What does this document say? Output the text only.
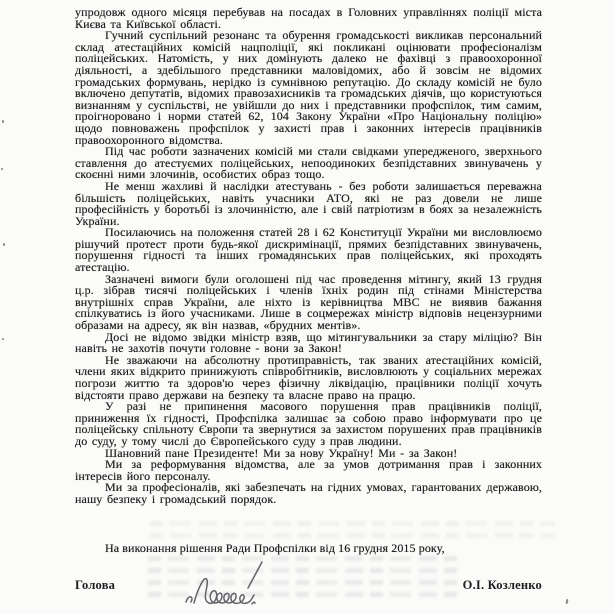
упродовж одного місяця перебував на посадах в Головних управліннях поліції міста Києва та Київської області.

Гучний суспільний резонанс та обурення громадськості викликав персональний склад атестаційних комісій нацполіції, які покликані оцінювати професіоналізм поліцейських. Натомість, у них домінують далеко не фахівці з правоохоронної діяльності, а здебільшого представники маловідомих, або й зовсім не відомих громадських формувань, нерідко із сумнівною репутацію. До складу комісій не було включено депутатів, відомих правозахисників та громадських діячів, що користуються визнанням у суспільстві, не увійшли до них і представники профспілок, тим самим, проігноровано і норми статей 62, 104 Закону України «Про Національну поліцію» щодо повноважень профспілок у захисті прав і законних інтересів працівників правоохоронного відомства.

Під час роботи зазначених комісій ми стали свідками упередженого, зверхнього ставлення до атестуємих поліцейських, непоодиноких безпідставних звинувачень у скоєнні ними злочинів, особистих образ тощо.

Не менш жахливі й наслідки атестувань - без роботи залишається переважна більшість поліцейських, навіть учасники АТО, які не раз довели не лише професійність у боротьбі із злочинністю, але і свій патріотизм в боях за незалежність України.

Посилаючись на положення статей 28 і 62 Конституції України ми висловлюємо рішучий протест проти будь-якої дискримінації, прямих безпідставних звинувачень, порушення гідності та інших громадянських прав поліцейських, які проходять атестацію.

Зазначені вимоги були оголошені під час проведення мітингу, який 13 грудня ц.р. зібрав тисячі поліцейських і членів їхніх родин під стінами Міністерства внутрішніх справ України, але ніхто із керівництва МВС не виявив бажання спілкуватись із його учасниками. Лише в соцмережах міністр відповів нецензурними образами на адресу, як він назвав, «брудних ментів».

Досі не відомо звідки міністр взяв, що мітингувальники за стару міліцію? Він навіть не захотів почути головне - вони за Закон!

Не зважаючи на абсолютну протиправність, так званих атестаційних комісій, члени яких відкрито принижують співробітників, висловлюють у соціальних мережах погрози життю та здоров'ю через фізичну ліквідацію, працівники поліції хочуть відстояти право держави на безпеку та власне право на працю.

У разі не припинення масового порушення прав працівників поліції, приниження їх гідності, Профспілка залишає за собою право інформувати про це поліцейську спільноту Європи та звернутися за захистом порушених прав працівників до суду, у тому числі до Європейського суду з прав людини.

Шановний пане Президенте! Ми за нову Україну! Ми - за Закон!

Ми за реформування відомства, але за умов дотримання прав і законних інтересів його персоналу.

Ми за професіоналів, які забезпечать на гідних умовах, гарантованих державою, нашу безпеку і громадський порядок.

На виконання рішення Ради Профспілки від 16 грудня 2015 року,

Голова	О.І. Козленко
